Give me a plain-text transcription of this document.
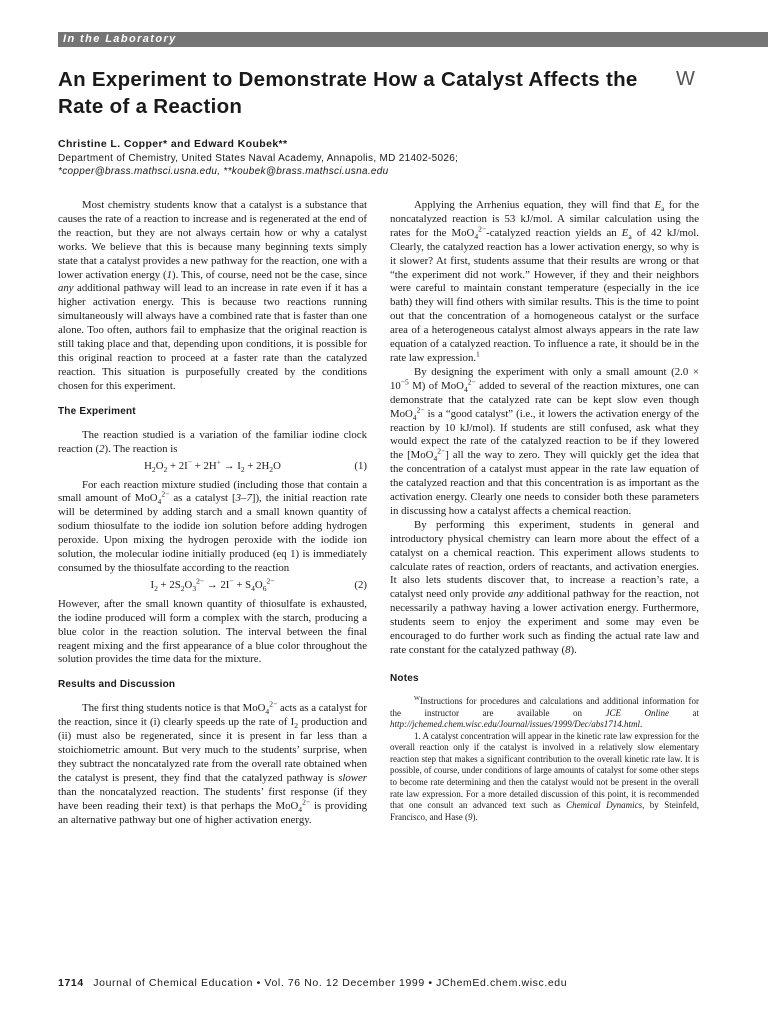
In the Laboratory
An Experiment to Demonstrate How a Catalyst Affects the Rate of a Reaction
W
Christine L. Copper* and Edward Koubek**
Department of Chemistry, United States Naval Academy, Annapolis, MD 21402-5026;
*copper@brass.mathsci.usna.edu, **koubek@brass.mathsci.usna.edu

Most chemistry students know that a catalyst is a substance that causes the rate of a reaction to increase and is regenerated at the end of the reaction, but they are not always certain how or why a catalyst works. We believe that this is because many beginning texts simply state that a catalyst provides a new pathway for the reaction, one with a lower activation energy (1). This, of course, need not be the case, since any additional pathway will lead to an increase in rate even if it has a higher activation energy. This is because two reactions running simultaneously will always have a combined rate that is faster than one alone. Too often, authors fail to emphasize that the original reaction is still taking place and that, depending upon conditions, it is possible for this original reaction to proceed at a faster rate than the catalyzed reaction. This situation is purposefully created by the conditions chosen for this experiment.

The Experiment

The reaction studied is a variation of the familiar iodine clock reaction (2). The reaction is

$H_2O_2 + 2I^- + 2H^+ \to I_2 + 2H_2O$	(1)

For each reaction mixture studied (including those that contain a small amount of MoO$_4^{2-}$ as a catalyst [3–7]), the initial reaction rate will be determined by adding starch and a small known quantity of sodium thiosulfate to the iodide ion solution before adding hydrogen peroxide. Upon mixing the hydrogen peroxide with the iodide ion solution, the molecular iodine initially produced (eq 1) is immediately consumed by the thiosulfate according to the reaction

$I_2 + 2S_2O_3^{2-} \to 2I^- + S_4O_6^{2-}$	(2)

However, after the small known quantity of thiosulfate is exhausted, the iodine produced will form a complex with the starch, producing a blue color in the reaction solution. The interval between the final reagent mixing and the first appearance of a blue color throughout the solution provides the time data for the mixture.

Results and Discussion

The first thing students notice is that MoO$_4^{2-}$ acts as a catalyst for the reaction, since it (i) clearly speeds up the rate of $I_2$ production and (ii) must also be regenerated, since it is present in far less than a stoichiometric amount. But very much to the students’ surprise, when they subtract the noncatalyzed rate from the overall rate obtained when the catalyst is present, they find that the catalyzed pathway is slower than the noncatalyzed reaction. The students’ first response (if they have been reading their text) is that perhaps the MoO$_4^{2-}$ is providing an alternative pathway but one of higher activation energy.

Applying the Arrhenius equation, they will find that $E_a$ for the noncatalyzed reaction is 53 kJ/mol. A similar calculation using the rates for the MoO$_4^{2-}$-catalyzed reaction yields an $E_a$ of 42 kJ/mol. Clearly, the catalyzed reaction has a lower activation energy, so why is it slower? At first, students assume that their results are wrong or that “the experiment did not work.” However, if they and their neighbors were careful to maintain constant temperature (especially in the ice bath) they will find others with similar results. This is the time to point out that the concentration of a homogeneous catalyst or the surface area of a heterogeneous catalyst almost always appears in the rate law equation of a catalyzed reaction. To influence a rate, it should be in the rate law expression.$^1$

By designing the experiment with only a small amount ($2.0 \times 10^{-5}$ M) of MoO$_4^{2-}$ added to several of the reaction mixtures, one can demonstrate that the catalyzed rate can be kept slow even though MoO$_4^{2-}$ is a “good catalyst” (i.e., it lowers the activation energy of the reaction by 10 kJ/mol). If students are still confused, ask what they would expect the rate of the catalyzed reaction to be if they lowered the [MoO$_4^{2-}$] all the way to zero. They will quickly get the idea that the concentration of a catalyst must appear in the rate law equation of the catalyzed reaction and that this concentration is as important as the activation energy. Clearly one needs to consider both these parameters in discussing how a catalyst affects a chemical reaction.

By performing this experiment, students in general and introductory physical chemistry can learn more about the effect of a catalyst on a chemical reaction. This experiment allows students to calculate rates of reaction, orders of reactants, and activation energies. It also lets students discover that, to increase a reaction’s rate, a catalyst need only provide any additional pathway for the reaction, not necessarily a pathway having a lower activation energy. Furthermore, students seem to enjoy the experiment and some may even be encouraged to do further work such as finding the actual rate law and rate constant for the catalyzed pathway (8).

Notes

$^W$Instructions for procedures and calculations and additional information for the instructor are available on JCE Online at http://jchemed.chem.wisc.edu/Journal/issues/1999/Dec/abs1714.html.

1. A catalyst concentration will appear in the kinetic rate law expression for the overall reaction only if the catalyst is involved in a relatively slow elementary reaction step that makes a significant contribution to the overall kinetic rate law. It is possible, of course, under conditions of large amounts of catalyst for some other steps to become rate determining and then the catalyst would not be present in the overall rate law expression. For a more detailed discussion of this point, it is recommended that one consult an advanced text such as Chemical Dynamics, by Steinfeld, Francisco, and Hase (9).

1714 Journal of Chemical Education • Vol. 76 No. 12 December 1999 • JChemEd.chem.wisc.edu
